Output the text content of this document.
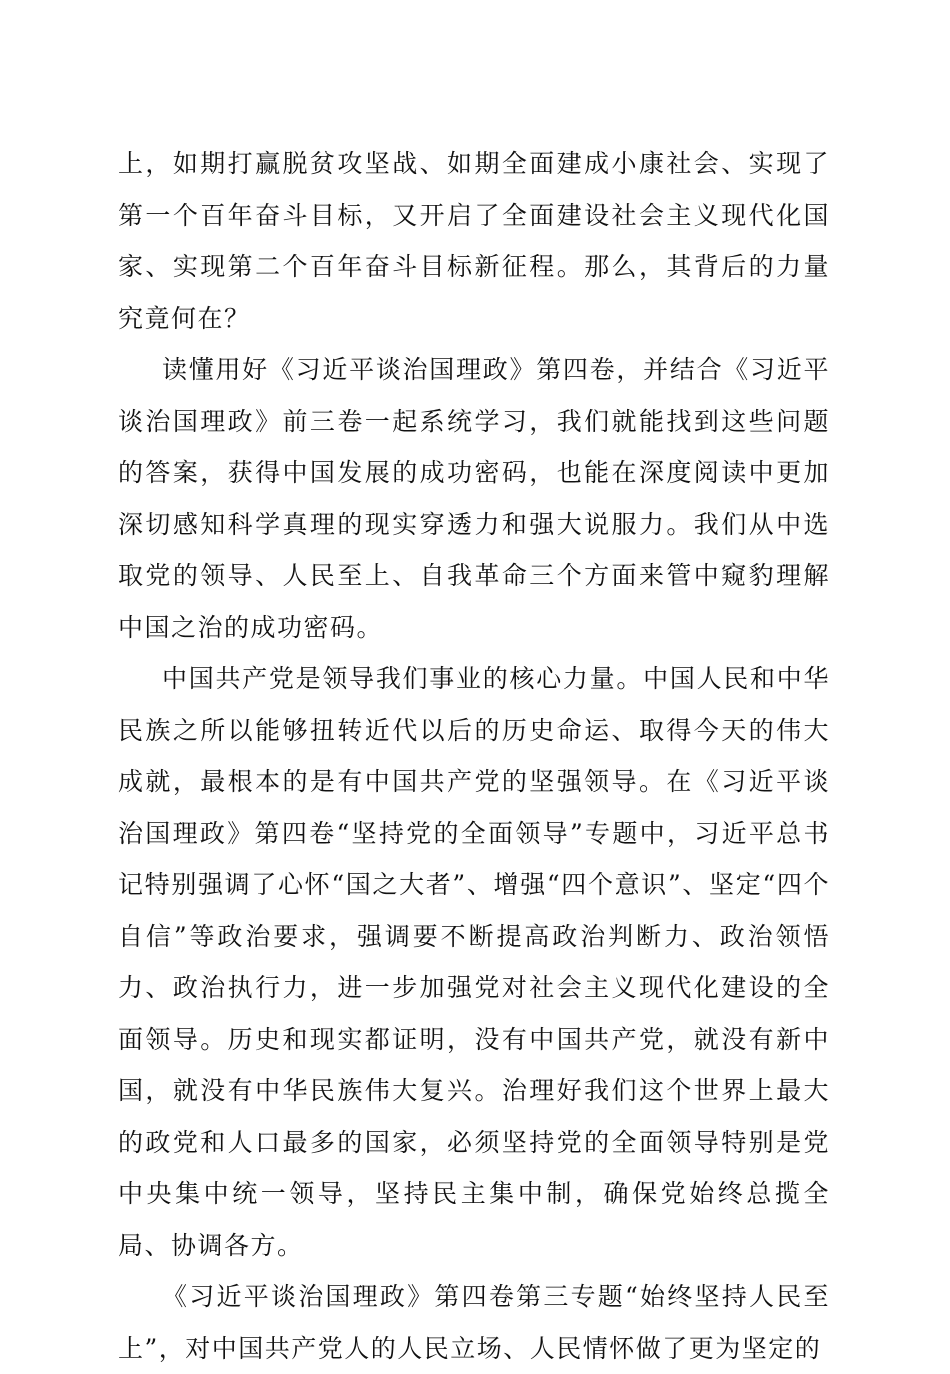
上，如期打赢脱贫攻坚战、如期全面建成小康社会、实现了第一个百年奋斗目标，又开启了全面建设社会主义现代化国家、实现第二个百年奋斗目标新征程。那么，其背后的力量究竟何在？

读懂用好《习近平谈治国理政》第四卷，并结合《习近平谈治国理政》前三卷一起系统学习，我们就能找到这些问题的答案，获得中国发展的成功密码，也能在深度阅读中更加深切感知科学真理的现实穿透力和强大说服力。我们从中选取党的领导、人民至上、自我革命三个方面来管中窥豹理解中国之治的成功密码。

中国共产党是领导我们事业的核心力量。中国人民和中华民族之所以能够扭转近代以后的历史命运、取得今天的伟大成就，最根本的是有中国共产党的坚强领导。在《习近平谈治国理政》第四卷“坚持党的全面领导”专题中，习近平总书记特别强调了心怀“国之大者”、增强“四个意识”、坚定“四个自信”等政治要求，强调要不断提高政治判断力、政治领悟力、政治执行力，进一步加强党对社会主义现代化建设的全面领导。历史和现实都证明，没有中国共产党，就没有新中国，就没有中华民族伟大复兴。治理好我们这个世界上最大的政党和人口最多的国家，必须坚持党的全面领导特别是党中央集中统一领导，坚持民主集中制，确保党始终总揽全局、协调各方。

《习近平谈治国理政》第四卷第三专题“始终坚持人民至上”，对中国共产党人的人民立场、人民情怀做了更为坚定的
